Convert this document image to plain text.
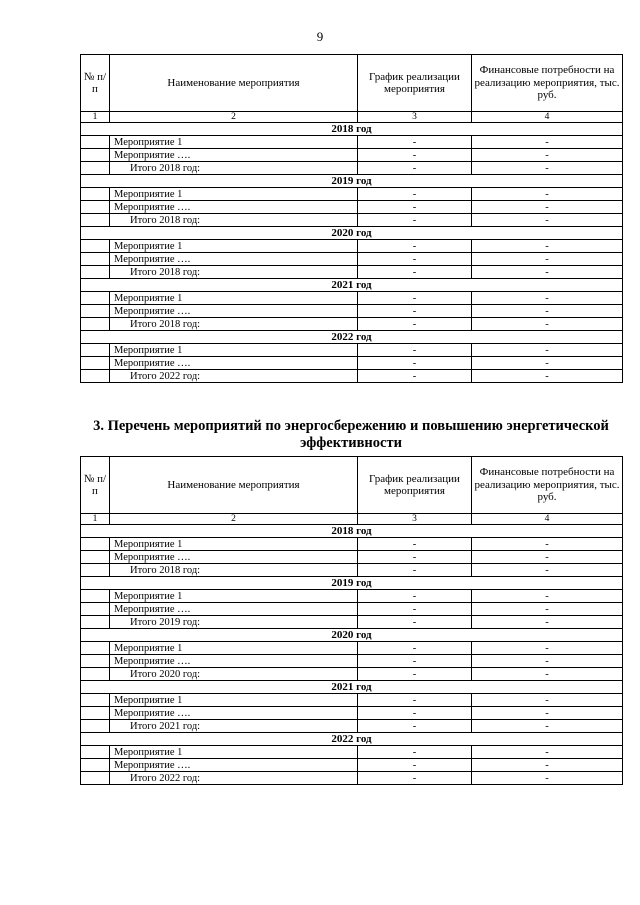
9
№ п/п	Наименование мероприятия	График реализации мероприятия	Финансовые потребности на реализацию мероприятия, тыс. руб.
1	2	3	4
2018 год			
	Мероприятие 1	-	-
	Мероприятие ….	-	-
	Итого 2018 год:	-	-
2019 год			
	Мероприятие 1	-	-
	Мероприятие ….	-	-
	Итого 2018 год:	-	-
2020 год			
	Мероприятие 1	-	-
	Мероприятие ….	-	-
	Итого 2018 год:	-	-
2021 год			
	Мероприятие 1	-	-
	Мероприятие ….	-	-
	Итого 2018 год:	-	-
2022 год			
	Мероприятие 1	-	-
	Мероприятие ….	-	-
	Итого 2022 год:	-	-
3. Перечень мероприятий по энергосбережению и повышению энергетической эффективности
№ п/п	Наименование мероприятия	График реализации мероприятия	Финансовые потребности на реализацию мероприятия, тыс. руб.
1	2	3	4
2018 год			
	Мероприятие 1	-	-
	Мероприятие ….	-	-
	Итого 2018 год:	-	-
2019 год			
	Мероприятие 1	-	-
	Мероприятие ….	-	-
	Итого 2019 год:	-	-
2020 год			
	Мероприятие 1	-	-
	Мероприятие ….	-	-
	Итого 2020 год:	-	-
2021 год			
	Мероприятие 1	-	-
	Мероприятие ….	-	-
	Итого 2021 год:	-	-
2022 год			
	Мероприятие 1	-	-
	Мероприятие ….	-	-
	Итого 2022 год:	-	-
